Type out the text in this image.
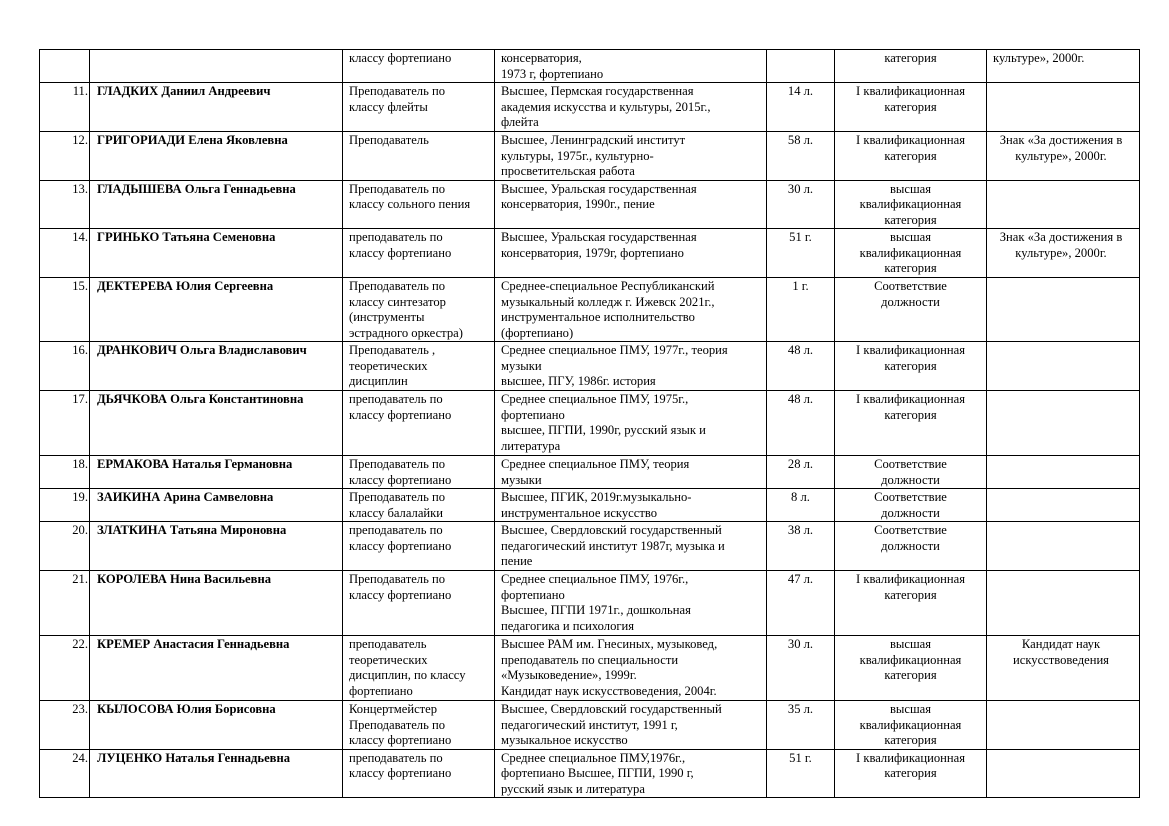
		классу фортепиано	консерватория,
1973 г, фортепиано		категория	культуре», 2000г.
11.	ГЛАДКИХ Даниил Андреевич	Преподаватель по
классу флейты	Высшее, Пермская государственная
академия искусства и культуры, 2015г.,
флейта	14 л.	I квалификационная
категория	
12.	ГРИГОРИАДИ Елена Яковлевна	Преподаватель	Высшее, Ленинградский институт
культуры, 1975г., культурно-
просветительская работа	58 л.	I квалификационная
категория	Знак «За достижения в
культуре», 2000г.
13.	ГЛАДЫШЕВА Ольга Геннадьевна	Преподаватель по
классу сольного пения	Высшее, Уральская государственная
консерватория, 1990г., пение	30 л.	высшая
квалификационная
категория	
14.	ГРИНЬКО Татьяна Семеновна	преподаватель по
классу фортепиано	Высшее, Уральская государственная
консерватория, 1979г, фортепиано	51 г.	высшая
квалификационная
категория	Знак «За достижения в
культуре», 2000г.
15.	ДЕКТЕРЕВА Юлия Сергеевна	Преподаватель по
классу синтезатор
(инструменты
эстрадного оркестра)	Среднее-специальное Республиканский
музыкальный колледж г. Ижевск 2021г.,
инструментальное исполнительство
(фортепиано)	1 г.	Соответствие
должности	
16.	ДРАНКОВИЧ Ольга Владиславович	Преподаватель ,
теоретических
дисциплин	Среднее специальное ПМУ, 1977г., теория
музыки
высшее, ПГУ, 1986г. история	48 л.	I квалификационная
категория	
17.	ДЬЯЧКОВА Ольга Константиновна	преподаватель по
классу фортепиано	Среднее специальное ПМУ, 1975г.,
фортепиано
высшее, ПГПИ, 1990г, русский язык и
литература	48 л.	I квалификационная
категория	
18.	ЕРМАКОВА Наталья Германовна	Преподаватель по
классу фортепиано	Среднее специальное ПМУ, теория
музыки	28 л.	Соответствие
должности	
19.	ЗАИКИНА Арина Самвеловна	Преподаватель по
классу балалайки	Высшее, ПГИК, 2019г.музыкально-
инструментальное искусство	8 л.	Соответствие
должности	
20.	ЗЛАТКИНА Татьяна Мироновна	преподаватель по
классу фортепиано	Высшее, Свердловский государственный
педагогический институт 1987г, музыка и
пение	38 л.	Соответствие
должности	
21.	КОРОЛЕВА Нина Васильевна	Преподаватель по
классу фортепиано	Среднее специальное ПМУ, 1976г.,
фортепиано
Высшее, ПГПИ 1971г., дошкольная
педагогика и психология	47 л.	I квалификационная
категория	
22.	КРЕМЕР Анастасия Геннадьевна	преподаватель
теоретических
дисциплин, по классу
фортепиано	Высшее РАМ им. Гнесиных, музыковед,
преподаватель по специальности
«Музыковедение», 1999г.
Кандидат наук искусствоведения, 2004г.	30 л.	высшая
квалификационная
категория	Кандидат наук
искусствоведения
23.	КЫЛОСОВА Юлия Борисовна	Концертмейстер
Преподаватель по
классу фортепиано	Высшее, Свердловский государственный
педагогический институт, 1991 г,
музыкальное искусство	35 л.	высшая
квалификационная
категория	
24.	ЛУЦЕНКО Наталья Геннадьевна	преподаватель по
классу фортепиано	Среднее специальное ПМУ,1976г.,
фортепиано Высшее, ПГПИ, 1990 г,
русский язык и литература	51 г.	I квалификационная
категория	
